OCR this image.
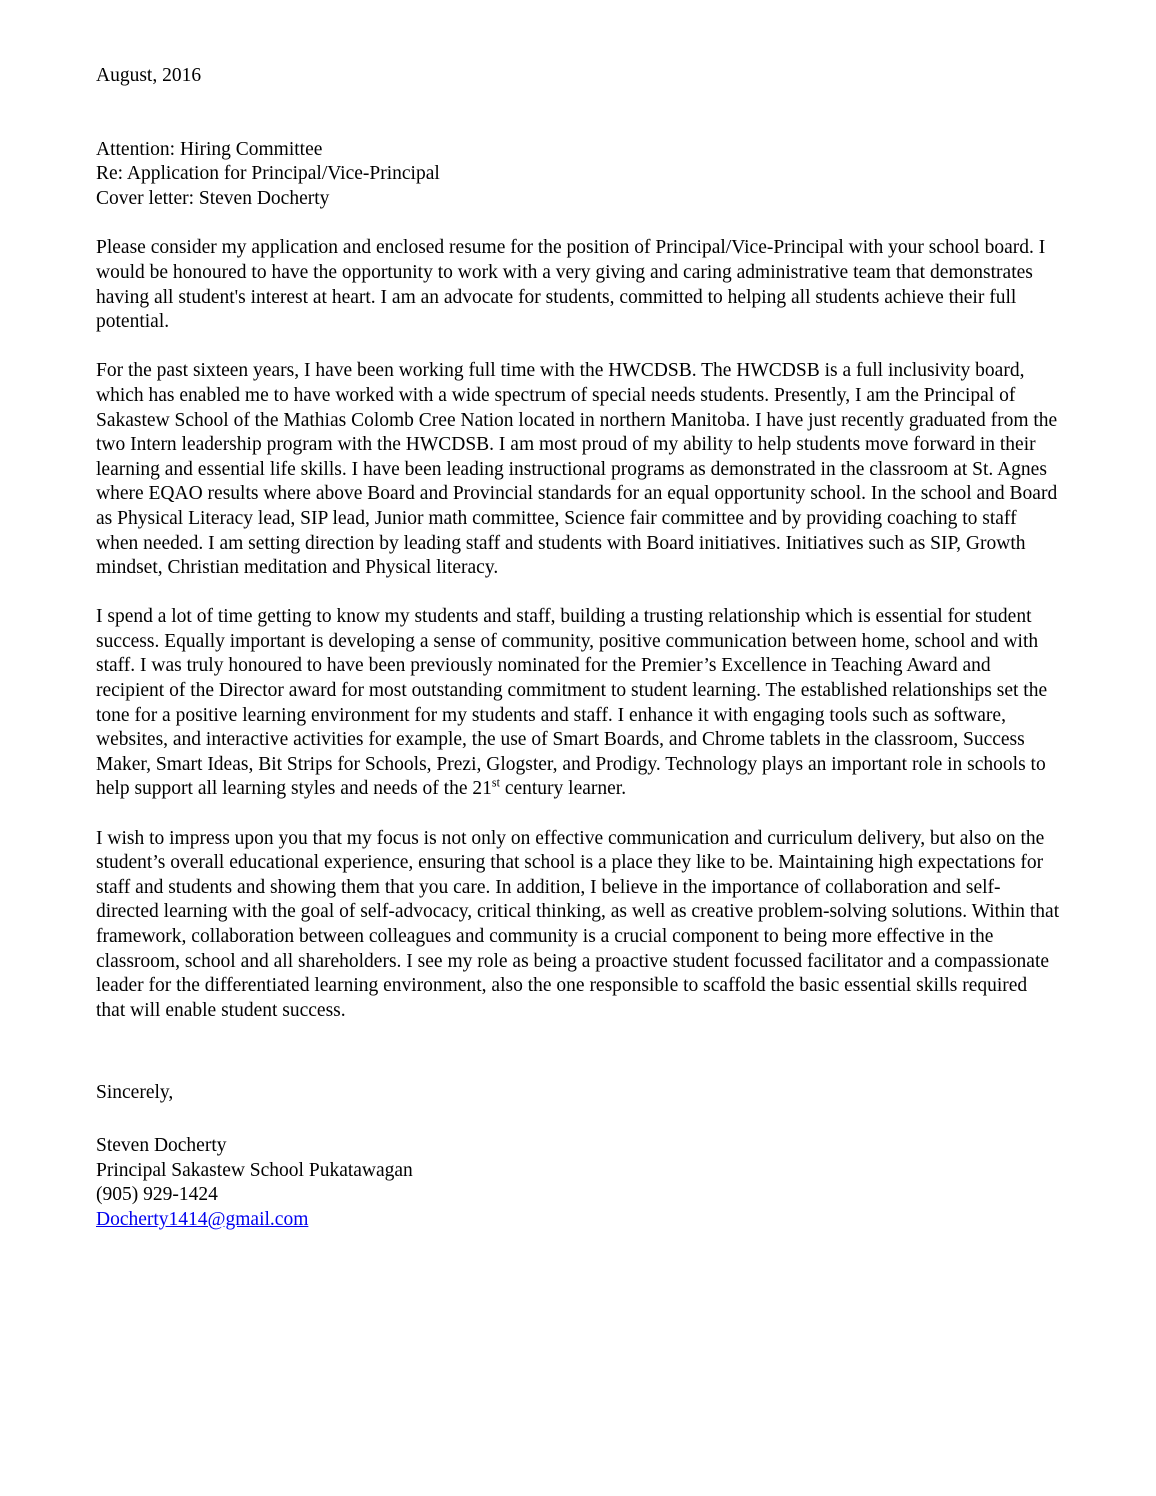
August, 2016

Attention: Hiring Committee

Re: Application for Principal/Vice-Principal

Cover letter: Steven Docherty

Please consider my application and enclosed resume for the position of Principal/Vice-Principal with your school board. I would be honoured to have the opportunity to work with a very giving and caring administrative team that demonstrates having all student's interest at heart. I am an advocate for students, committed to helping all students achieve their full potential.

For the past sixteen years, I have been working full time with the HWCDSB. The HWCDSB is a full inclusivity board, which has enabled me to have worked with a wide spectrum of special needs students. Presently, I am the Principal of Sakastew School of the Mathias Colomb Cree Nation located in northern Manitoba. I have just recently graduated from the two Intern leadership program with the HWCDSB. I am most proud of my ability to help students move forward in their learning and essential life skills. I have been leading instructional programs as demonstrated in the classroom at St. Agnes where EQAO results where above Board and Provincial standards for an equal opportunity school. In the school and Board as Physical Literacy lead, SIP lead, Junior math committee, Science fair committee and by providing coaching to staff when needed. I am setting direction by leading staff and students with Board initiatives. Initiatives such as SIP, Growth mindset, Christian meditation and Physical literacy.

I spend a lot of time getting to know my students and staff, building a trusting relationship which is essential for student success. Equally important is developing a sense of community, positive communication between home, school and with staff. I was truly honoured to have been previously nominated for the Premier’s Excellence in Teaching Award and recipient of the Director award for most outstanding commitment to student learning. The established relationships set the tone for a positive learning environment for my students and staff. I enhance it with engaging tools such as software, websites, and interactive activities for example, the use of Smart Boards, and Chrome tablets in the classroom, Success Maker, Smart Ideas, Bit Strips for Schools, Prezi, Glogster, and Prodigy. Technology plays an important role in schools to help support all learning styles and needs of the 21st century learner.

I wish to impress upon you that my focus is not only on effective communication and curriculum delivery, but also on the student’s overall educational experience, ensuring that school is a place they like to be. Maintaining high expectations for staff and students and showing them that you care. In addition, I believe in the importance of collaboration and self-directed learning with the goal of self-advocacy, critical thinking, as well as creative problem-solving solutions. Within that framework, collaboration between colleagues and community is a crucial component to being more effective in the classroom, school and all shareholders. I see my role as being a proactive student focussed facilitator and a compassionate leader for the differentiated learning environment, also the one responsible to scaffold the basic essential skills required that will enable student success.

Sincerely,

Steven Docherty

Principal Sakastew School Pukatawagan

(905) 929-1424

Docherty1414@gmail.com
